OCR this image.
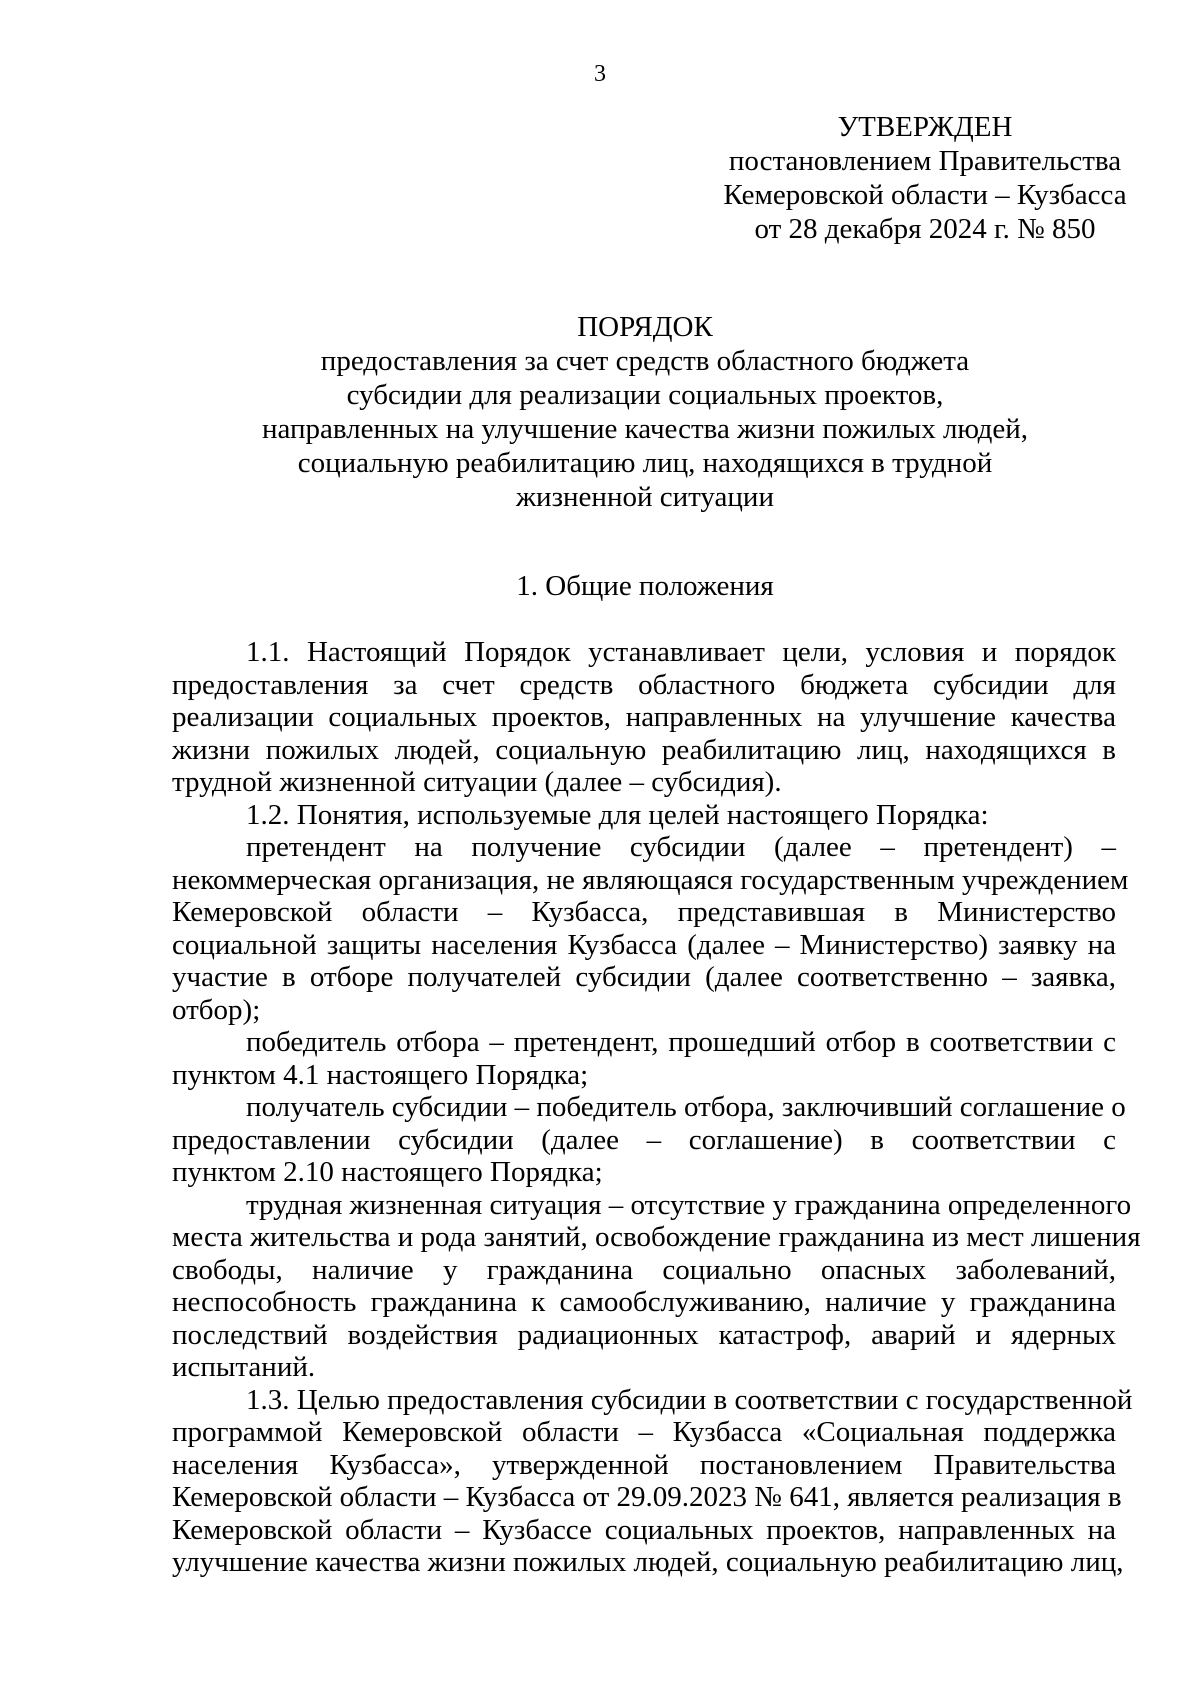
3
УТВЕРЖДЕН
постановлением Правительства
Кемеровской области – Кузбасса
от 28 декабря 2024 г. № 850
ПОРЯДОК
предоставления за счет средств областного бюджета
субсидии для реализации социальных проектов,
направленных на улучшение качества жизни пожилых людей,
социальную реабилитацию лиц, находящихся в трудной
жизненной ситуации
1. Общие положения
1.1. Настоящий Порядок устанавливает цели, условия и порядок
предоставления за счет средств областного бюджета субсидии для
реализации социальных проектов, направленных на улучшение качества
жизни пожилых людей, социальную реабилитацию лиц, находящихся в
трудной жизненной ситуации (далее – субсидия).
1.2. Понятия, используемые для целей настоящего Порядка:
претендент на получение субсидии (далее – претендент) –
некоммерческая организация, не являющаяся государственным учреждением
Кемеровской области – Кузбасса, представившая в Министерство
социальной защиты населения Кузбасса (далее – Министерство) заявку на
участие в отборе получателей субсидии (далее соответственно – заявка,
отбор);
победитель отбора – претендент, прошедший отбор в соответствии с
пунктом 4.1 настоящего Порядка;
получатель субсидии – победитель отбора, заключивший соглашение о
предоставлении субсидии (далее – соглашение) в соответствии с
пунктом 2.10 настоящего Порядка;
трудная жизненная ситуация – отсутствие у гражданина определенного
места жительства и рода занятий, освобождение гражданина из мест лишения
свободы, наличие у гражданина социально опасных заболеваний,
неспособность гражданина к самообслуживанию, наличие у гражданина
последствий воздействия радиационных катастроф, аварий и ядерных
испытаний.
1.3. Целью предоставления субсидии в соответствии с государственной
программой Кемеровской области – Кузбасса «Социальная поддержка
населения Кузбасса», утвержденной постановлением Правительства
Кемеровской области – Кузбасса от 29.09.2023 № 641, является реализация в
Кемеровской области – Кузбассе социальных проектов, направленных на
улучшение качества жизни пожилых людей, социальную реабилитацию лиц,
